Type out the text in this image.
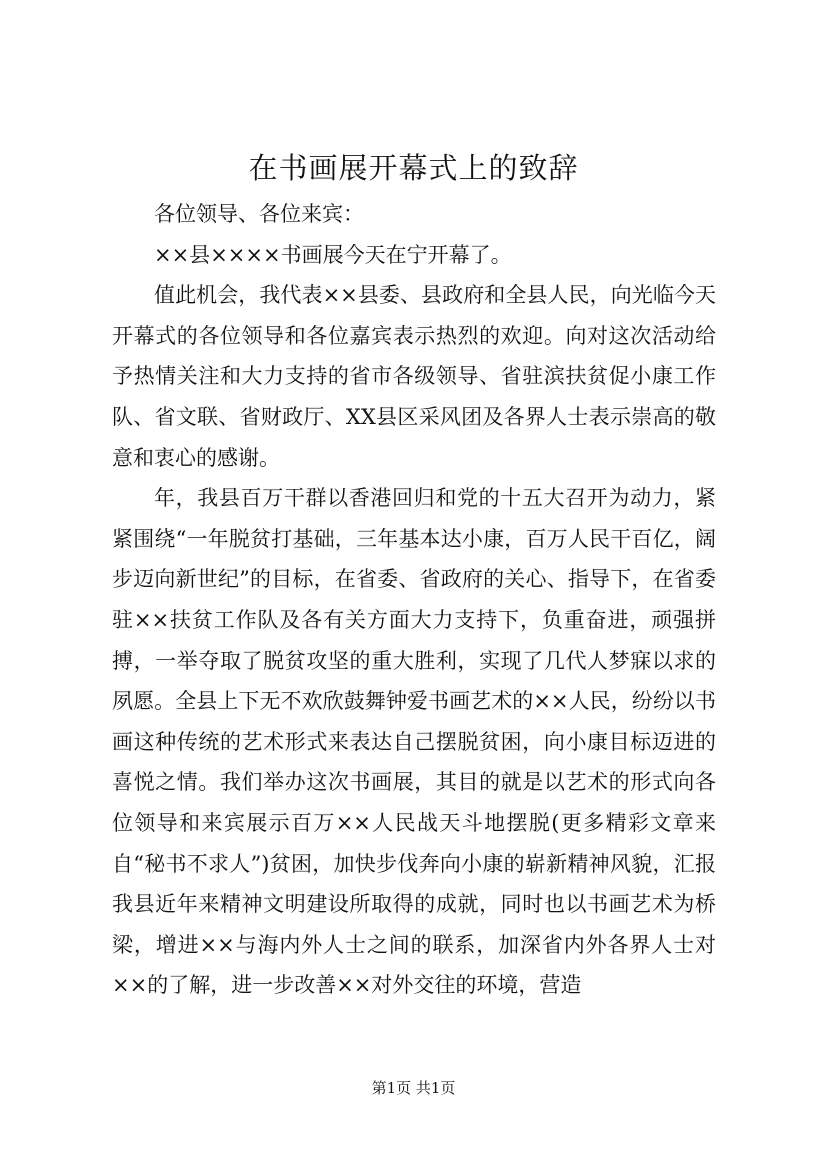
在书画展开幕式上的致辞

各位领导、各位来宾：

××县××××书画展今天在宁开幕了。

值此机会，我代表××县委、县政府和全县人民，向光临今天开幕式的各位领导和各位嘉宾表示热烈的欢迎。向对这次活动给予热情关注和大力支持的省市各级领导、省驻滨扶贫促小康工作队、省文联、省财政厅、XX县区采风团及各界人士表示崇高的敬意和衷心的感谢。

年，我县百万干群以香港回归和党的十五大召开为动力，紧紧围绕“一年脱贫打基础，三年基本达小康，百万人民干百亿，阔步迈向新世纪”的目标，在省委、省政府的关心、指导下，在省委驻××扶贫工作队及各有关方面大力支持下，负重奋进，顽强拼搏，一举夺取了脱贫攻坚的重大胜利，实现了几代人梦寐以求的夙愿。全县上下无不欢欣鼓舞钟爱书画艺术的××人民，纷纷以书画这种传统的艺术形式来表达自己摆脱贫困，向小康目标迈进的喜悦之情。我们举办这次书画展，其目的就是以艺术的形式向各位领导和来宾展示百万××人民战天斗地摆脱(更多精彩文章来自“秘书不求人”)贫困，加快步伐奔向小康的崭新精神风貌，汇报我县近年来精神文明建设所取得的成就，同时也以书画艺术为桥梁，增进××与海内外人士之间的联系，加深省内外各界人士对××的了解，进一步改善××对外交往的环境，营造

第1页 共1页
